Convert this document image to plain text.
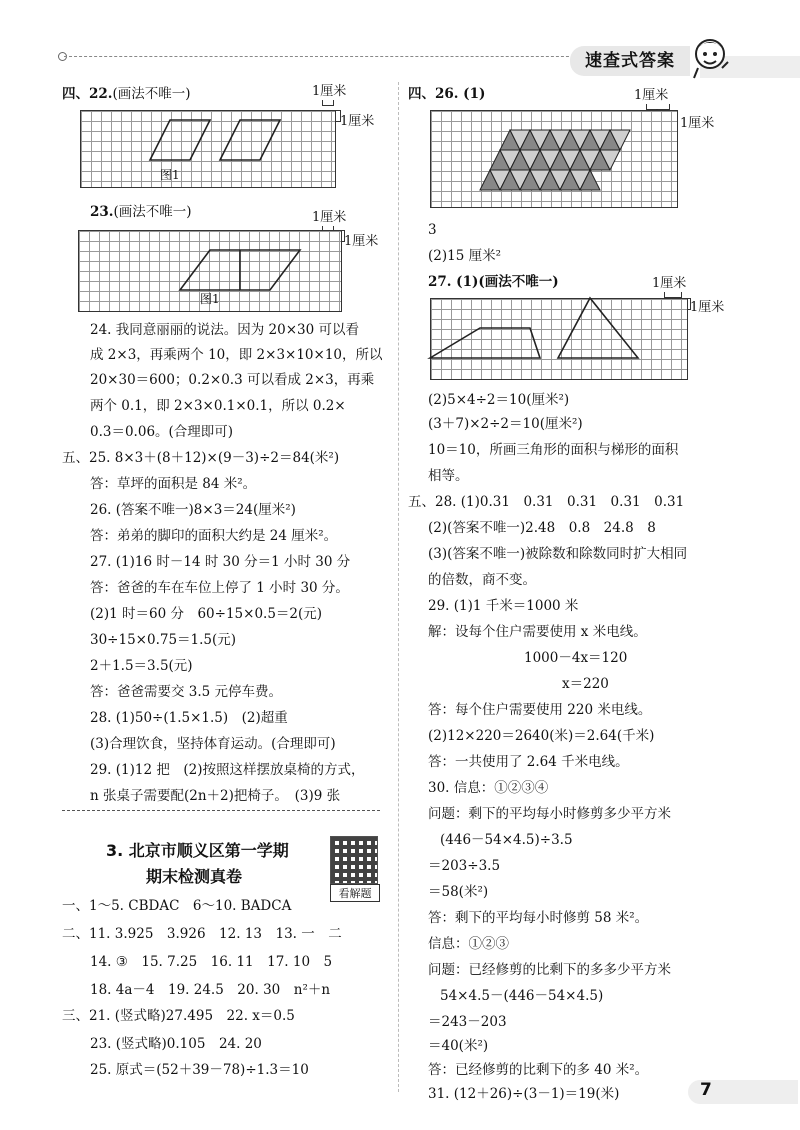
速查式答案
四、22.(画法不唯一)	1厘米
1厘米
图1
23.(画法不唯一)	1厘米
1厘米
图1
24. 我同意丽丽的说法。因为 20×30 可以看
成 2×3，再乘两个 10，即 2×3×10×10，所以
20×30＝600；0.2×0.3 可以看成 2×3，再乘
两个 0.1，即 2×3×0.1×0.1，所以 0.2×
0.3＝0.06。(合理即可)
五、25. 8×3＋(8＋12)×(9－3)÷2＝84(米²)
答：草坪的面积是 84 米²。
26. (答案不唯一)8×3＝24(厘米²)
答：弟弟的脚印的面积大约是 24 厘米²。
27. (1)16 时－14 时 30 分＝1 小时 30 分
答：爸爸的车在车位上停了 1 小时 30 分。
(2)1 时＝60 分　60÷15×0.5＝2(元)
30÷15×0.75＝1.5(元)
2＋1.5＝3.5(元)
答：爸爸需要交 3.5 元停车费。
28. (1)50÷(1.5×1.5)　(2)超重
(3)合理饮食，坚持体育运动。(合理即可)
29. (1)12 把　(2)按照这样摆放桌椅的方式，
n 张桌子需要配(2n＋2)把椅子。　(3)9 张
3. 北京市顺义区第一学期
期末检测真卷
看解题
一、1～5. CBDAC　6～10. BADCA
二、11. 3.925　3.926　12. 13　13. 一　二
14. ③　15. 7.25　16. 11　17. 10　5
18. 4a－4　19. 24.5　20. 30　n²＋n
三、21. (竖式略)27.495　22. x＝0.5
23. (竖式略)0.105　24. 20
25. 原式＝(52＋39－78)÷1.3＝10
四、26. (1)	1厘米
1厘米
3
(2)15 厘米²
27. (1)(画法不唯一)	1厘米
1厘米
(2)5×4÷2＝10(厘米²)
(3＋7)×2÷2＝10(厘米²)
10＝10，所画三角形的面积与梯形的面积
相等。
五、28. (1)0.31　0.31　0.31　0.31　0.31
(2)(答案不唯一)2.48　0.8　24.8　8
(3)(答案不唯一)被除数和除数同时扩大相同
的倍数，商不变。
29. (1)1 千米＝1000 米
解：设每个住户需要使用 x 米电线。
1000－4x＝120
x＝220
答：每个住户需要使用 220 米电线。
(2)12×220＝2640(米)＝2.64(千米)
答：一共使用了 2.64 千米电线。
30. 信息：①②③④
问题：剩下的平均每小时修剪多少平方米
(446－54×4.5)÷3.5
＝203÷3.5
＝58(米²)
答：剩下的平均每小时修剪 58 米²。
信息：①②③
问题：已经修剪的比剩下的多多少平方米
54×4.5－(446－54×4.5)
＝243－203
＝40(米²)
答：已经修剪的比剩下的多 40 米²。
31. (12＋26)÷(3－1)＝19(米)	7
